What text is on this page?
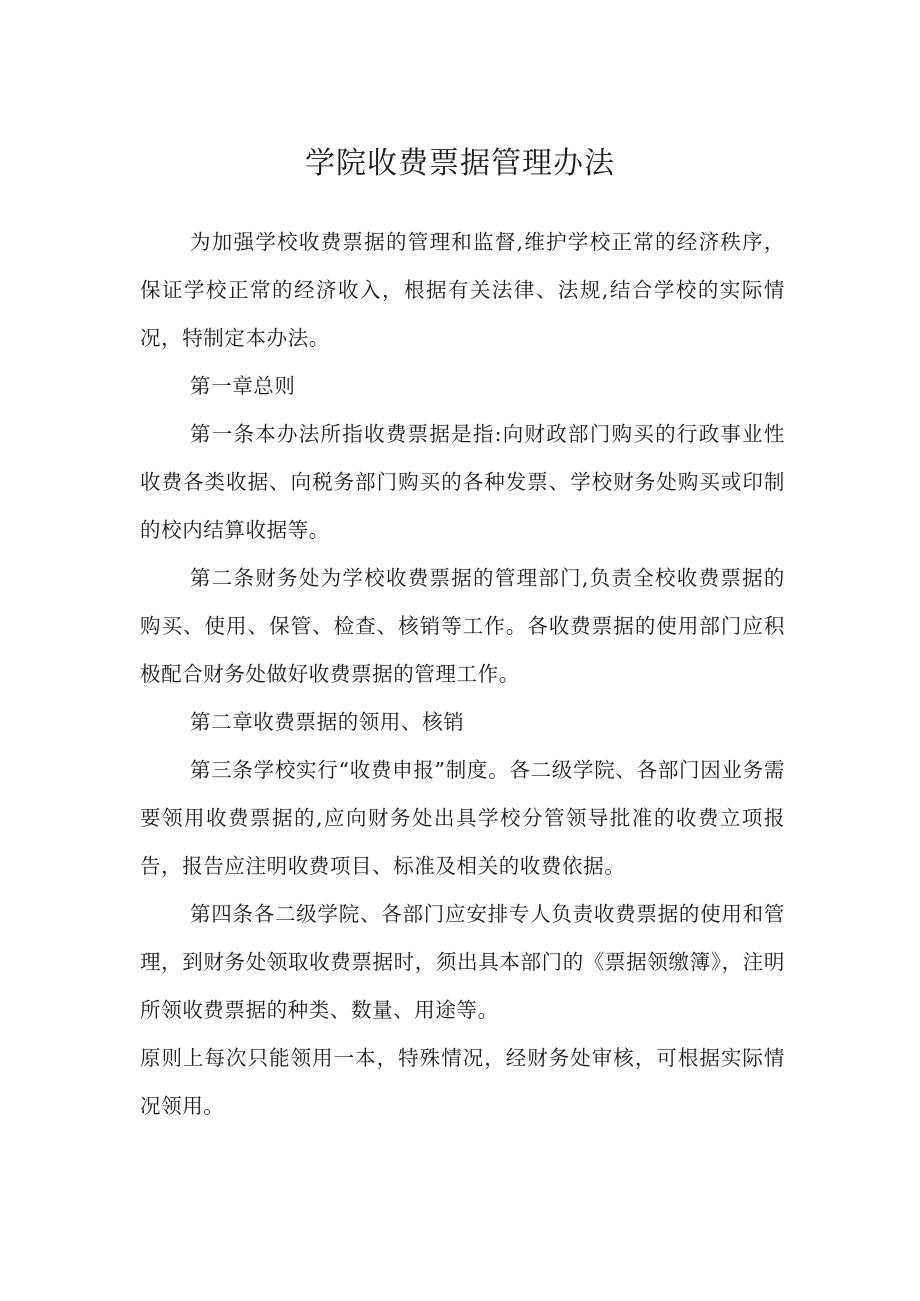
学院收费票据管理办法

为加强学校收费票据的管理和监督,维护学校正常的经济秩序，保证学校正常的经济收入，根据有关法律、法规,结合学校的实际情况，特制定本办法。

第一章总则

第一条本办法所指收费票据是指:向财政部门购买的行政事业性收费各类收据、向税务部门购买的各种发票、学校财务处购买或印制的校内结算收据等。

第二条财务处为学校收费票据的管理部门,负责全校收费票据的购买、使用、保管、检查、核销等工作。各收费票据的使用部门应积极配合财务处做好收费票据的管理工作。

第二章收费票据的领用、核销

第三条学校实行“收费申报”制度。各二级学院、各部门因业务需要领用收费票据的,应向财务处出具学校分管领导批准的收费立项报告，报告应注明收费项目、标准及相关的收费依据。

第四条各二级学院、各部门应安排专人负责收费票据的使用和管理，到财务处领取收费票据时，须出具本部门的《票据领缴簿》，注明所领收费票据的种类、数量、用途等。

原则上每次只能领用一本，特殊情况，经财务处审核，可根据实际情况领用。
